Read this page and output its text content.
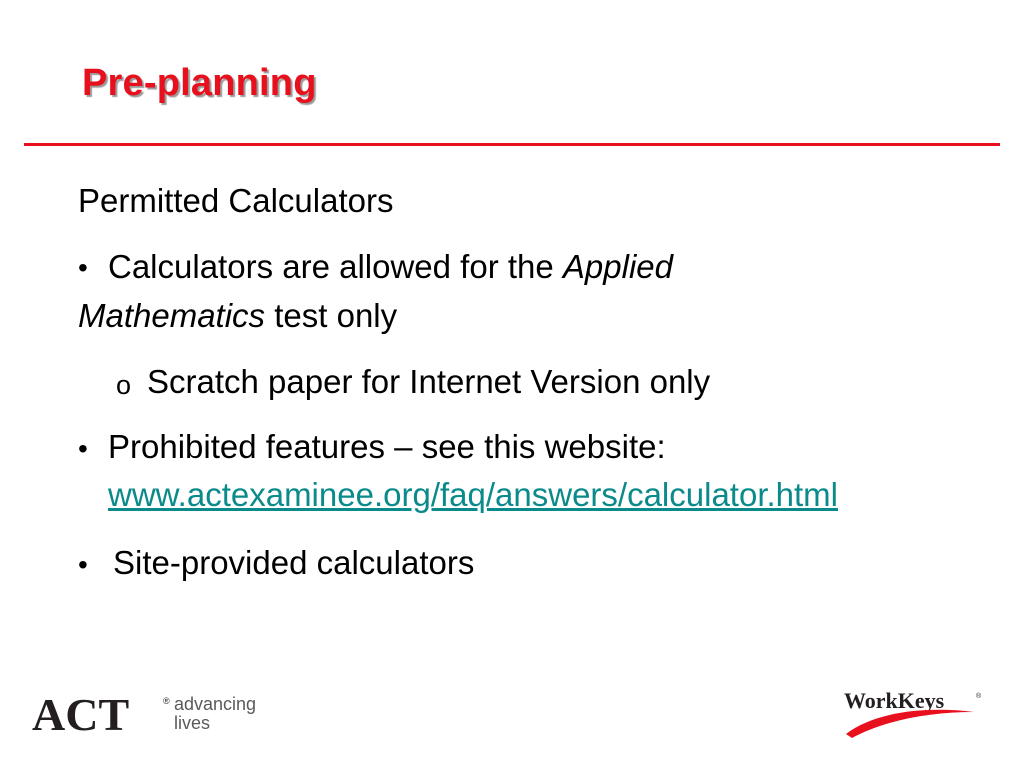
Pre-planning
Permitted Calculators
• Calculators are allowed for the Applied
Mathematics test only
o Scratch paper for Internet Version only
• Prohibited features – see this website:
www.actexaminee.org/faq/answers/calculator.html
• Site-provided calculators
ACT	® advancing
lives
WorkKeys	®
